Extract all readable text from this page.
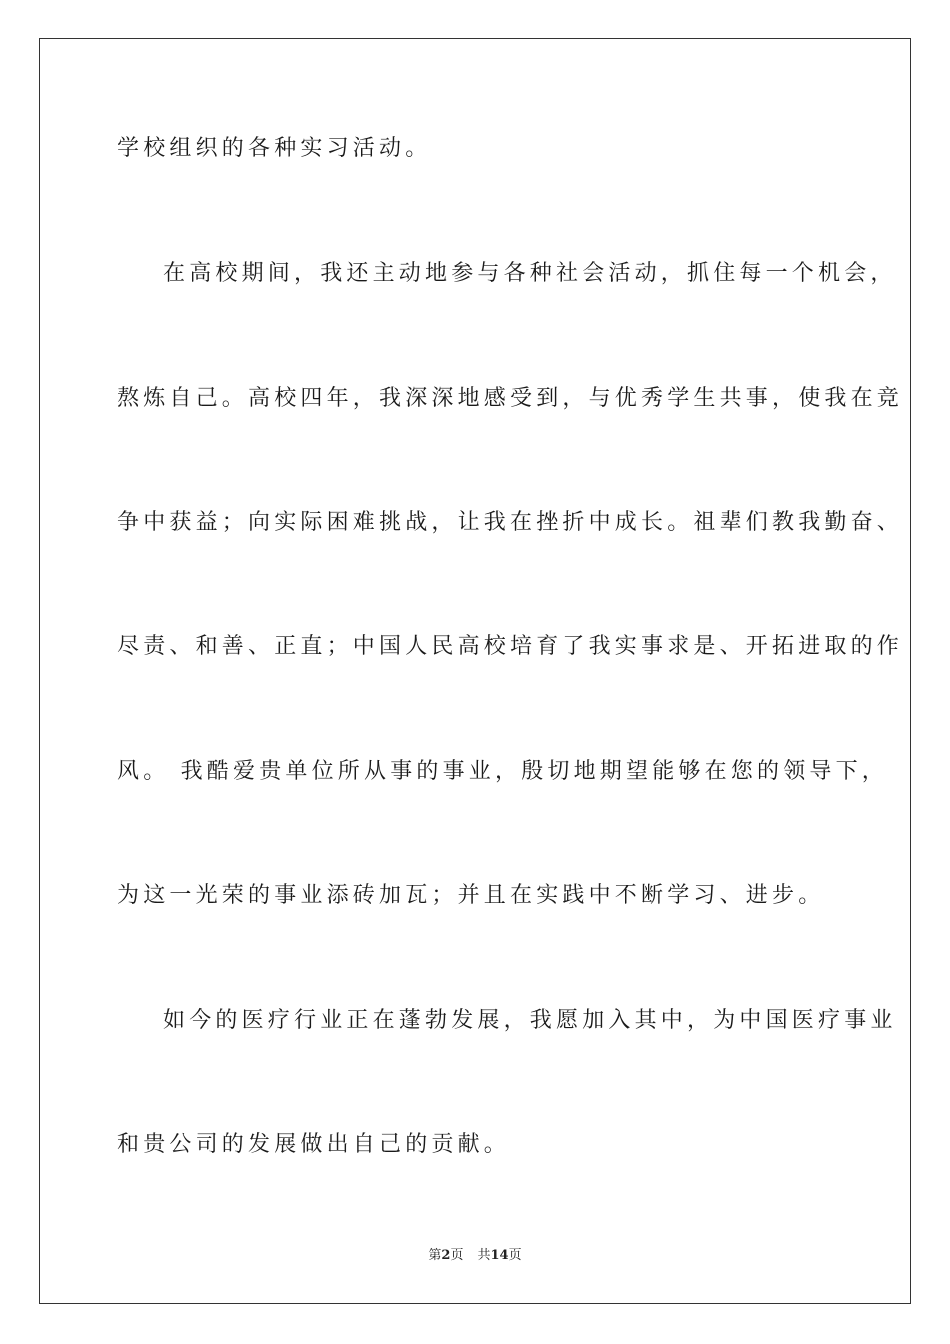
学校组织的各种实习活动。
在高校期间，我还主动地参与各种社会活动，抓住每一个机会，
熬炼自己。高校四年，我深深地感受到，与优秀学生共事，使我在竞
争中获益；向实际困难挑战，让我在挫折中成长。祖辈们教我勤奋、
尽责、和善、正直；中国人民高校培育了我实事求是、开拓进取的作
风。 我酷爱贵单位所从事的事业，殷切地期望能够在您的领导下，
为这一光荣的事业添砖加瓦；并且在实践中不断学习、进步。
如今的医疗行业正在蓬勃发展，我愿加入其中，为中国医疗事业
和贵公司的发展做出自己的贡献。
第2页 共14页
